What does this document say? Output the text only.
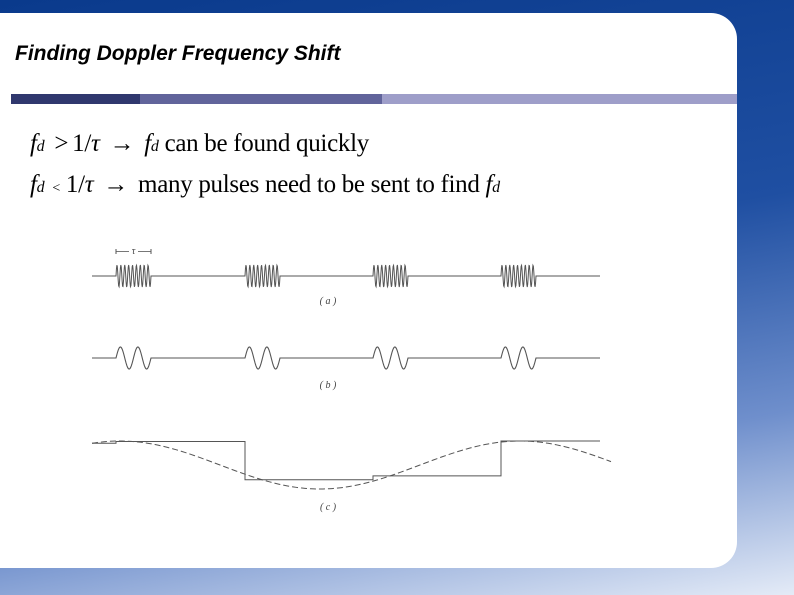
Finding Doppler Frequency Shift
fd > 1/τ → fd can be found quickly
fd < 1/τ → many pulses need to be sent to find fd
τ
( a )
( b )
( c )
